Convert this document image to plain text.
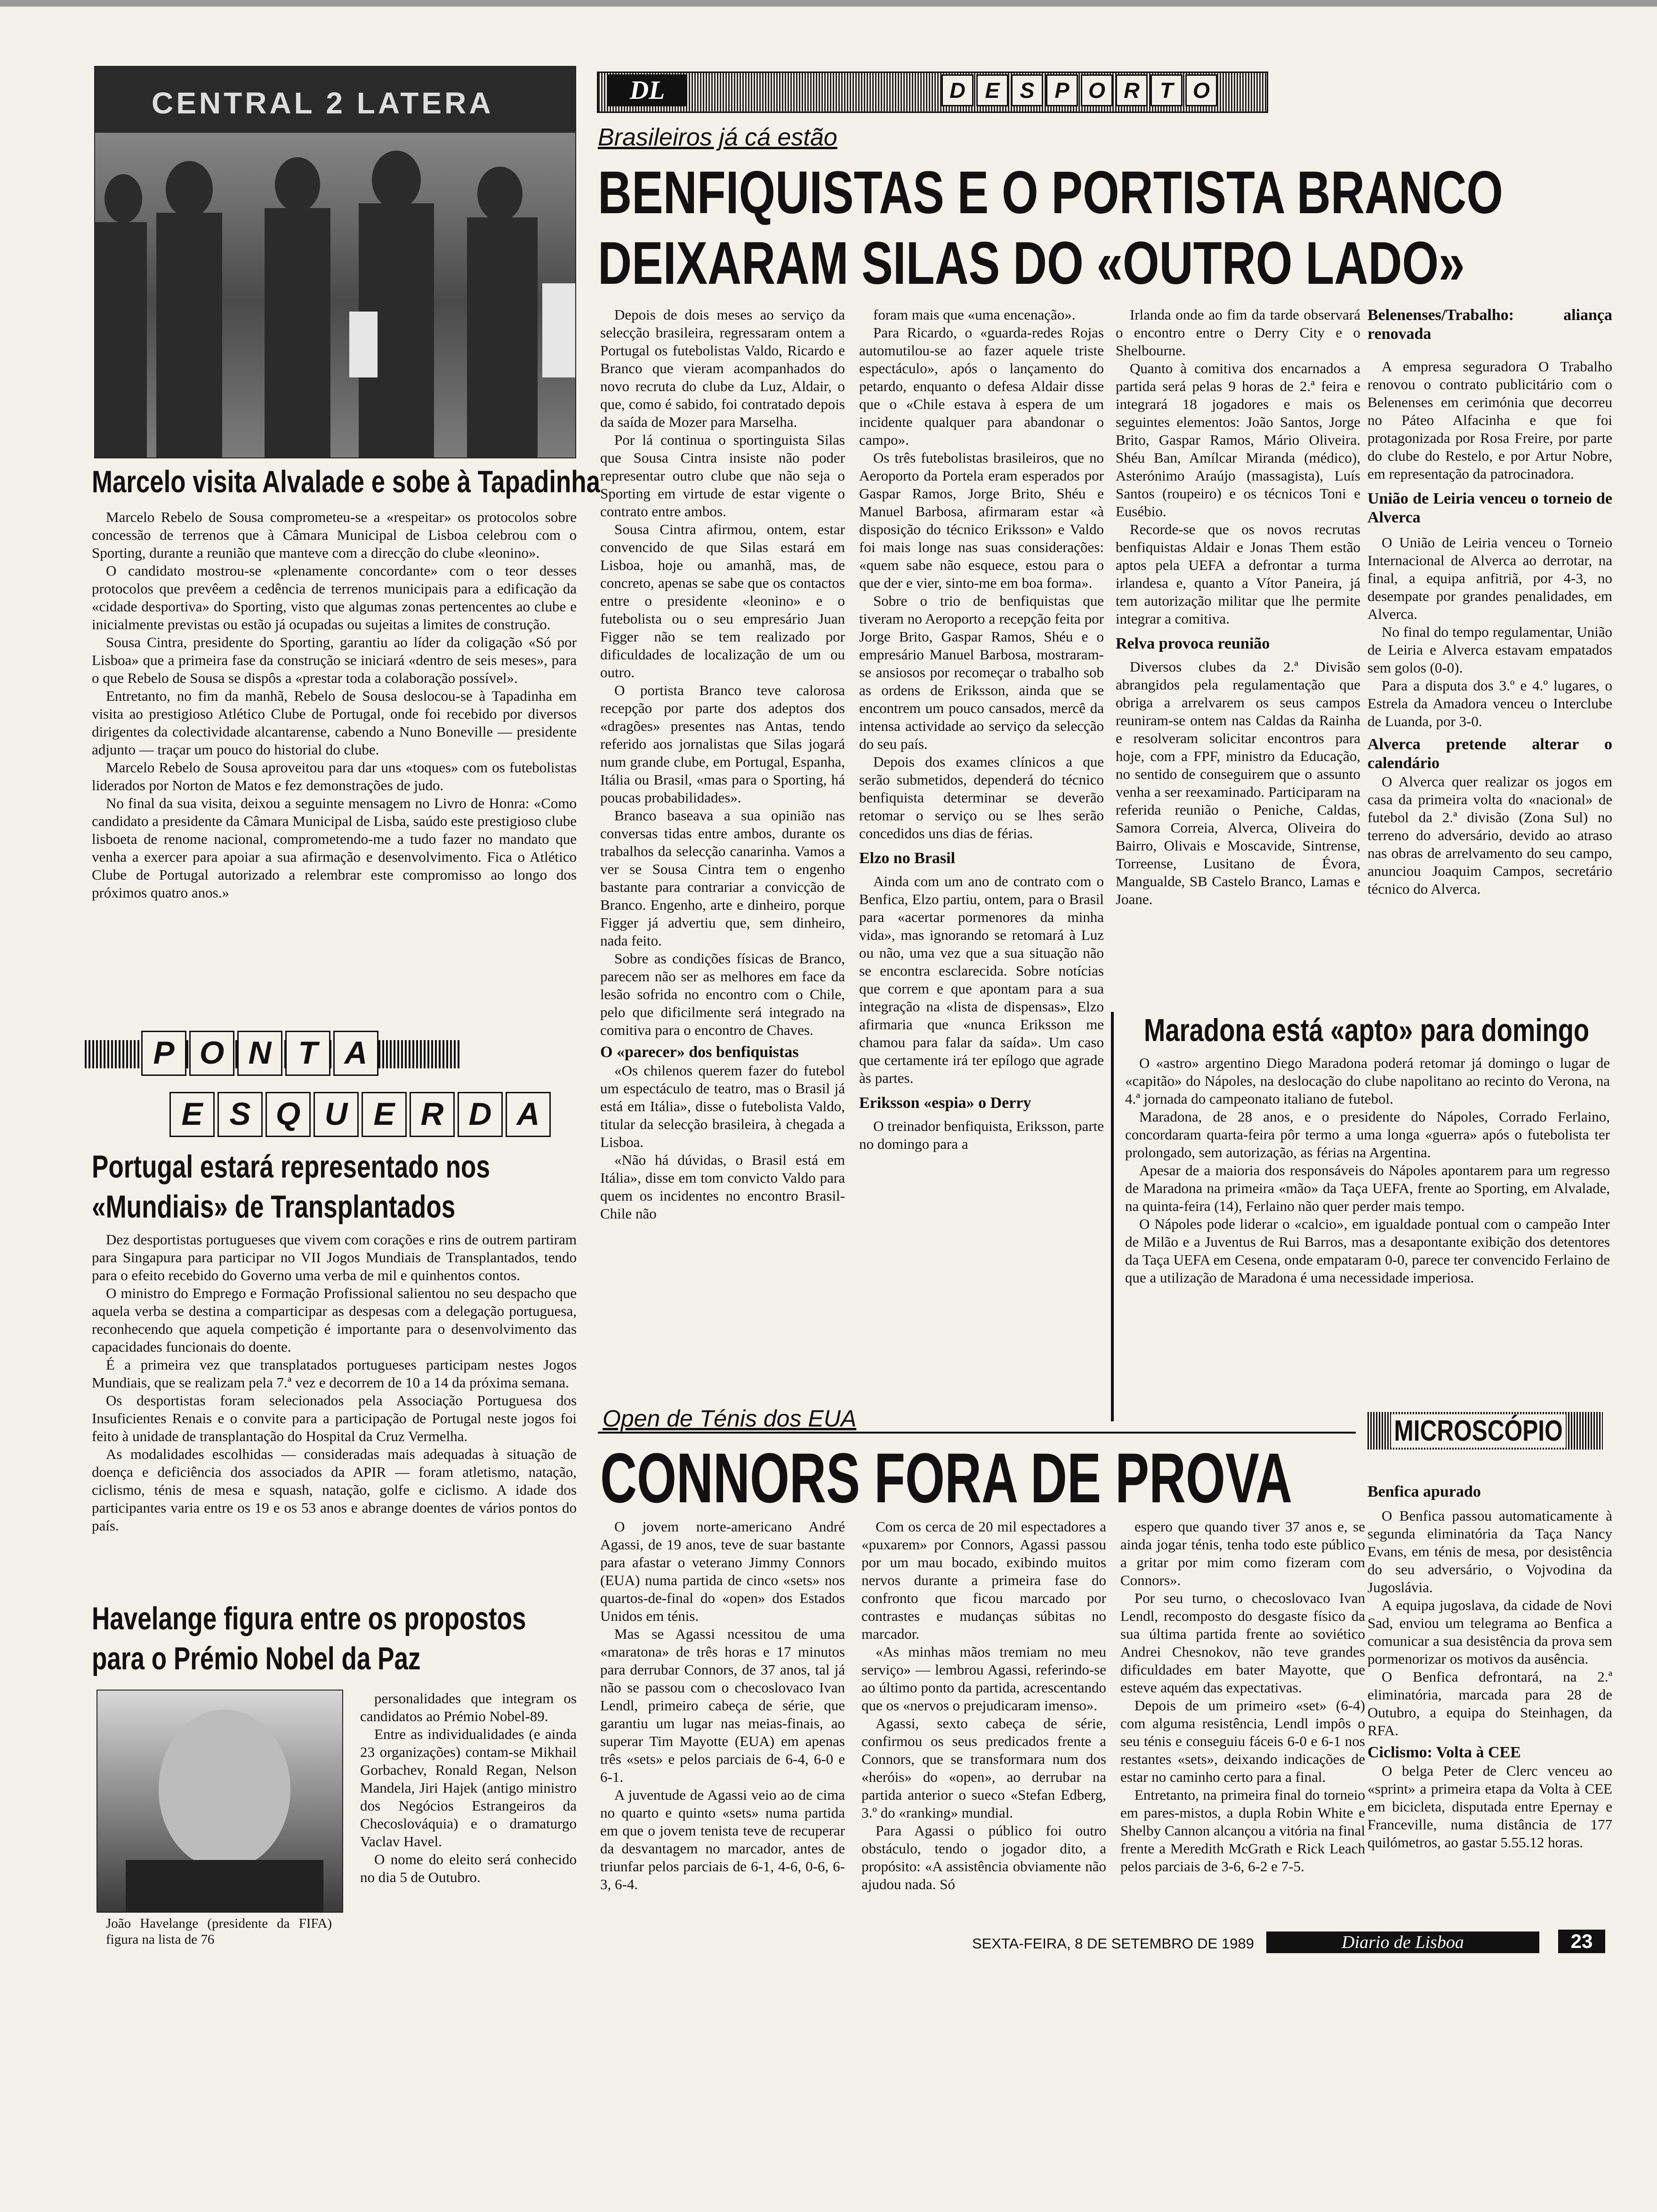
CENTRAL 2 LATERA	DL	D E S P O R T O
Brasileiros já cá estão
BENFIQUISTAS E O PORTISTA BRANCO
DEIXARAM SILAS DO «OUTRO LADO»

Depois de dois meses ao serviço da selecção brasileira, regressaram ontem a Portugal os futebolistas Valdo, Ricardo e Branco que vieram acompanhados do novo recruta do clube da Luz, Aldair, o que, como é sabido, foi contratado depois da saída de Mozer para Marselha.

Por lá continua o sportinguista Silas que Sousa Cintra insiste não poder representar outro clube que não seja o Sporting em virtude de estar vigente o contrato entre ambos.

Sousa Cintra afirmou, ontem, estar convencido de que Silas estará em Lisboa, hoje ou amanhã, mas, de concreto, apenas se sabe que os contactos entre o presidente «leonino» e o futebolista ou o seu empresário Juan Figger não se tem realizado por dificuldades de localização de um ou outro.

O portista Branco teve calorosa recepção por parte dos adeptos dos «dragões» presentes nas Antas, tendo referido aos jornalistas que Silas jogará num grande clube, em Portugal, Espanha, Itália ou Brasil, «mas para o Sporting, há poucas probabilidades».

Branco baseava a sua opinião nas conversas tidas entre ambos, durante os trabalhos da selecção canarinha. Vamos a ver se Sousa Cintra tem o engenho bastante para contrariar a convicção de Branco. Engenho, arte e dinheiro, porque Figger já advertiu que, sem dinheiro, nada feito.

Sobre as condições físicas de Branco, parecem não ser as melhores em face da lesão sofrida no encontro com o Chile, pelo que dificilmente será integrado na comitiva para o encontro de Chaves.

O «parecer» dos benfiquistas

«Os chilenos querem fazer do futebol um espectáculo de teatro, mas o Brasil já está em Itália», disse o futebolista Valdo, titular da selecção brasileira, à chegada a Lisboa.

«Não há dúvidas, o Brasil está em Itália», disse em tom convicto Valdo para quem os incidentes no encontro Brasil-Chile não

foram mais que «uma encenação».

Para Ricardo, o «guarda-redes Rojas automutilou-se ao fazer aquele triste espectáculo», após o lançamento do petardo, enquanto o defesa Aldair disse que o «Chile estava à espera de um incidente qualquer para abandonar o campo».

Os três futebolistas brasileiros, que no Aeroporto da Portela eram esperados por Gaspar Ramos, Jorge Brito, Shéu e Manuel Barbosa, afirmaram estar «à disposição do técnico Eriksson» e Valdo foi mais longe nas suas considerações: «quem sabe não esquece, estou para o que der e vier, sinto-me em boa forma».

Sobre o trio de benfiquistas que tiveram no Aeroporto a recepção feita por Jorge Brito, Gaspar Ramos, Shéu e o empresário Manuel Barbosa, mostraram-se ansiosos por recomeçar o trabalho sob as ordens de Eriksson, ainda que se encontrem um pouco cansados, mercê da intensa actividade ao serviço da selecção do seu país.

Depois dos exames clínicos a que serão submetidos, dependerá do técnico benfiquista determinar se deverão retomar o serviço ou se lhes serão concedidos uns dias de férias.

Elzo no Brasil

Ainda com um ano de contrato com o Benfica, Elzo partiu, ontem, para o Brasil para «acertar pormenores da minha vida», mas ignorando se retomará à Luz ou não, uma vez que a sua situação não se encontra esclarecida. Sobre notícias que correm e que apontam para a sua integração na «lista de dispensas», Elzo afirmaria que «nunca Eriksson me chamou para falar da saída». Um caso que certamente irá ter epílogo que agrade às partes.

Eriksson «espia» o Derry

O treinador benfiquista, Eriksson, parte no domingo para a

Irlanda onde ao fim da tarde observará o encontro entre o Derry City e o Shelbourne.

Quanto à comitiva dos encarnados a partida será pelas 9 horas de 2.ª feira e integrará 18 jogadores e mais os seguintes elementos: João Santos, Jorge Brito, Gaspar Ramos, Mário Oliveira. Shéu Ban, Amílcar Miranda (médico), Asterónimo Araújo (massagista), Luís Santos (roupeiro) e os técnicos Toni e Eusébio.

Recorde-se que os novos recrutas benfiquistas Aldair e Jonas Them estão aptos pela UEFA a defrontar a turma irlandesa e, quanto a Vítor Paneira, já tem autorização militar que lhe permite integrar a comitiva.

Relva provoca reunião

Diversos clubes da 2.ª Divisão abrangidos pela regulamentação que obriga a arrelvarem os seus campos reuniram-se ontem nas Caldas da Rainha e resolveram solicitar encontros para hoje, com a FPF, ministro da Educação, no sentido de conseguirem que o assunto venha a ser reexaminado. Participaram na referida reunião o Peniche, Caldas, Samora Correia, Alverca, Oliveira do Bairro, Olivais e Moscavide, Sintrense, Torreense, Lusitano de Évora, Mangualde, SB Castelo Branco, Lamas e Joane.

Belenenses/Trabalho: aliança renovada

A empresa seguradora O Trabalho renovou o contrato publicitário com o Belenenses em cerimónia que decorreu no Páteo Alfacinha e que foi protagonizada por Rosa Freire, por parte do clube do Restelo, e por Artur Nobre, em representação da patrocinadora.

União de Leiria venceu o torneio de Alverca

O União de Leiria venceu o Torneio Internacional de Alverca ao derrotar, na final, a equipa anfitriã, por 4-3, no desempate por grandes penalidades, em Alverca.

No final do tempo regulamentar, União de Leiria e Alverca estavam empatados sem golos (0-0).

Para a disputa dos 3.º e 4.º lugares, o Estrela da Amadora venceu o Interclube de Luanda, por 3-0.

Alverca pretende alterar o calendário

O Alverca quer realizar os jogos em casa da primeira volta do «nacional» de futebol da 2.ª divisão (Zona Sul) no terreno do adversário, devido ao atraso nas obras de arrelvamento do seu campo, anunciou Joaquim Campos, secretário técnico do Alverca.

Maradona está «apto» para domingo

O «astro» argentino Diego Maradona poderá retomar já domingo o lugar de «capitão» do Nápoles, na deslocação do clube napolitano ao recinto do Verona, na 4.ª jornada do campeonato italiano de futebol.

Maradona, de 28 anos, e o presidente do Nápoles, Corrado Ferlaino, concordaram quarta-feira pôr termo a uma longa «guerra» após o futebolista ter prolongado, sem autorização, as férias na Argentina.

Apesar de a maioria dos responsáveis do Nápoles apontarem para um regresso de Maradona na primeira «mão» da Taça UEFA, frente ao Sporting, em Alvalade, na quinta-feira (14), Ferlaino não quer perder mais tempo.

O Nápoles pode liderar o «calcio», em igualdade pontual com o campeão Inter de Milão e a Juventus de Rui Barros, mas a desapontante exibição dos detentores da Taça UEFA em Cesena, onde empataram 0-0, parece ter convencido Ferlaino de que a utilização de Maradona é uma necessidade imperiosa.

Marcelo visita Alvalade e sobe à Tapadinha

Marcelo Rebelo de Sousa comprometeu-se a «respeitar» os protocolos sobre concessão de terrenos que à Câmara Municipal de Lisboa celebrou com o Sporting, durante a reunião que manteve com a direcção do clube «leonino».

O candidato mostrou-se «plenamente concordante» com o teor desses protocolos que prevêem a cedência de terrenos municipais para a edificação da «cidade desportiva» do Sporting, visto que algumas zonas pertencentes ao clube e inicialmente previstas ou estão já ocupadas ou sujeitas a limites de construção.

Sousa Cintra, presidente do Sporting, garantiu ao líder da coligação «Só por Lisboa» que a primeira fase da construção se iniciará «dentro de seis meses», para o que Rebelo de Sousa se dispôs a «prestar toda a colaboração possível».

Entretanto, no fim da manhã, Rebelo de Sousa deslocou-se à Tapadinha em visita ao prestigioso Atlético Clube de Portugal, onde foi recebido por diversos dirigentes da colectividade alcantarense, cabendo a Nuno Boneville — presidente adjunto — traçar um pouco do historial do clube.

Marcelo Rebelo de Sousa aproveitou para dar uns «toques» com os futebolistas liderados por Norton de Matos e fez demonstrações de judo.

No final da sua visita, deixou a seguinte mensagem no Livro de Honra: «Como candidato a presidente da Câmara Municipal de Lisba, saúdo este prestigioso clube lisboeta de renome nacional, comprometendo-me a tudo fazer no mandato que venha a exercer para apoiar a sua afirmação e desenvolvimento. Fica o Atlético Clube de Portugal autorizado a relembrar este compromisso ao longo dos próximos quatro anos.»

P O N T A
E S Q U E R D A
Portugal estará representado nos
«Mundiais» de Transplantados

Dez desportistas portugueses que vivem com corações e rins de outrem partiram para Singapura para participar no VII Jogos Mundiais de Transplantados, tendo para o efeito recebido do Governo uma verba de mil e quinhentos contos.

O ministro do Emprego e Formação Profissional salientou no seu despacho que aquela verba se destina a comparticipar as despesas com a delegação portuguesa, reconhecendo que aquela competição é importante para o desenvolvimento das capacidades funcionais do doente.

É a primeira vez que transplatados portugueses participam nestes Jogos Mundiais, que se realizam pela 7.ª vez e decorrem de 10 a 14 da próxima semana.

Os desportistas foram selecionados pela Associação Portuguesa dos Insuficientes Renais e o convite para a participação de Portugal neste jogos foi feito à unidade de transplantação do Hospital da Cruz Vermelha.

As modalidades escolhidas — consideradas mais adequadas à situação de doença e deficiência dos associados da APIR — foram atletismo, natação, ciclismo, ténis de mesa e squash, natação, golfe e ciclismo. A idade dos participantes varia entre os 19 e os 53 anos e abrange doentes de vários pontos do país.

Havelange figura entre os propostos
para o Prémio Nobel da Paz
João Havelange (presidente da FIFA) figura na lista de 76

personalidades que integram os candidatos ao Prémio Nobel-89.

Entre as individualidades (e ainda 23 organizações) contam-se Mikhail Gorbachev, Ronald Regan, Nelson Mandela, Jiri Hajek (antigo ministro dos Negócios Estrangeiros da Checoslováquia) e o dramaturgo Vaclav Havel.

O nome do eleito será conhecido no dia 5 de Outubro.

Open de Ténis dos EUA
CONNORS FORA DE PROVA

O jovem norte-americano André Agassi, de 19 anos, teve de suar bastante para afastar o veterano Jimmy Connors (EUA) numa partida de cinco «sets» nos quartos-de-final do «open» dos Estados Unidos em ténis.

Mas se Agassi ncessitou de uma «maratona» de três horas e 17 minutos para derrubar Connors, de 37 anos, tal já não se passou com o checoslovaco Ivan Lendl, primeiro cabeça de série, que garantiu um lugar nas meias-finais, ao superar Tim Mayotte (EUA) em apenas três «sets» e pelos parciais de 6-4, 6-0 e 6-1.

A juventude de Agassi veio ao de cima no quarto e quinto «sets» numa partida em que o jovem tenista teve de recuperar da desvantagem no marcador, antes de triunfar pelos parciais de 6-1, 4-6, 0-6, 6-3, 6-4.

Com os cerca de 20 mil espectadores a «puxarem» por Connors, Agassi passou por um mau bocado, exibindo muitos nervos durante a primeira fase do confronto que ficou marcado por contrastes e mudanças súbitas no marcador.

«As minhas mãos tremiam no meu serviço» — lembrou Agassi, referindo-se ao último ponto da partida, acrescentando que os «nervos o prejudicaram imenso».

Agassi, sexto cabeça de série, confirmou os seus predicados frente a Connors, que se transformara num dos «heróis» do «open», ao derrubar na partida anterior o sueco «Stefan Edberg, 3.º do «ranking» mundial.

Para Agassi o público foi outro obstáculo, tendo o jogador dito, a propósito: «A assistência obviamente não ajudou nada. Só

espero que quando tiver 37 anos e, se ainda jogar ténis, tenha todo este público a gritar por mim como fizeram com Connors».

Por seu turno, o checoslovaco Ivan Lendl, recomposto do desgaste físico da sua última partida frente ao soviético Andrei Chesnokov, não teve grandes dificuldades em bater Mayotte, que esteve aquém das expectativas.

Depois de um primeiro «set» (6-4) com alguma resistência, Lendl impôs o seu ténis e conseguiu fáceis 6-0 e 6-1 nos restantes «sets», deixando indicações de estar no caminho certo para a final.

Entretanto, na primeira final do torneio em pares-mistos, a dupla Robin White e Shelby Cannon alcançou a vitória na final frente a Meredith McGrath e Rick Leach pelos parciais de 3-6, 6-2 e 7-5.

MICROSCÓPIO
Benfica apurado

O Benfica passou automaticamente à segunda eliminatória da Taça Nancy Evans, em ténis de mesa, por desistência do seu adversário, o Vojvodina da Jugoslávia.

A equipa jugoslava, da cidade de Novi Sad, enviou um telegrama ao Benfica a comunicar a sua desistência da prova sem pormenorizar os motivos da ausência.

O Benfica defrontará, na 2.ª eliminatória, marcada para 28 de Outubro, a equipa do Steinhagen, da RFA.

Ciclismo: Volta à CEE

O belga Peter de Clerc venceu ao «sprint» a primeira etapa da Volta à CEE em bicicleta, disputada entre Epernay e Franceville, numa distância de 177 quilómetros, ao gastar 5.55.12 horas.

SEXTA-FEIRA, 8 DE SETEMBRO DE 1989	Diario de Lisboa	23
